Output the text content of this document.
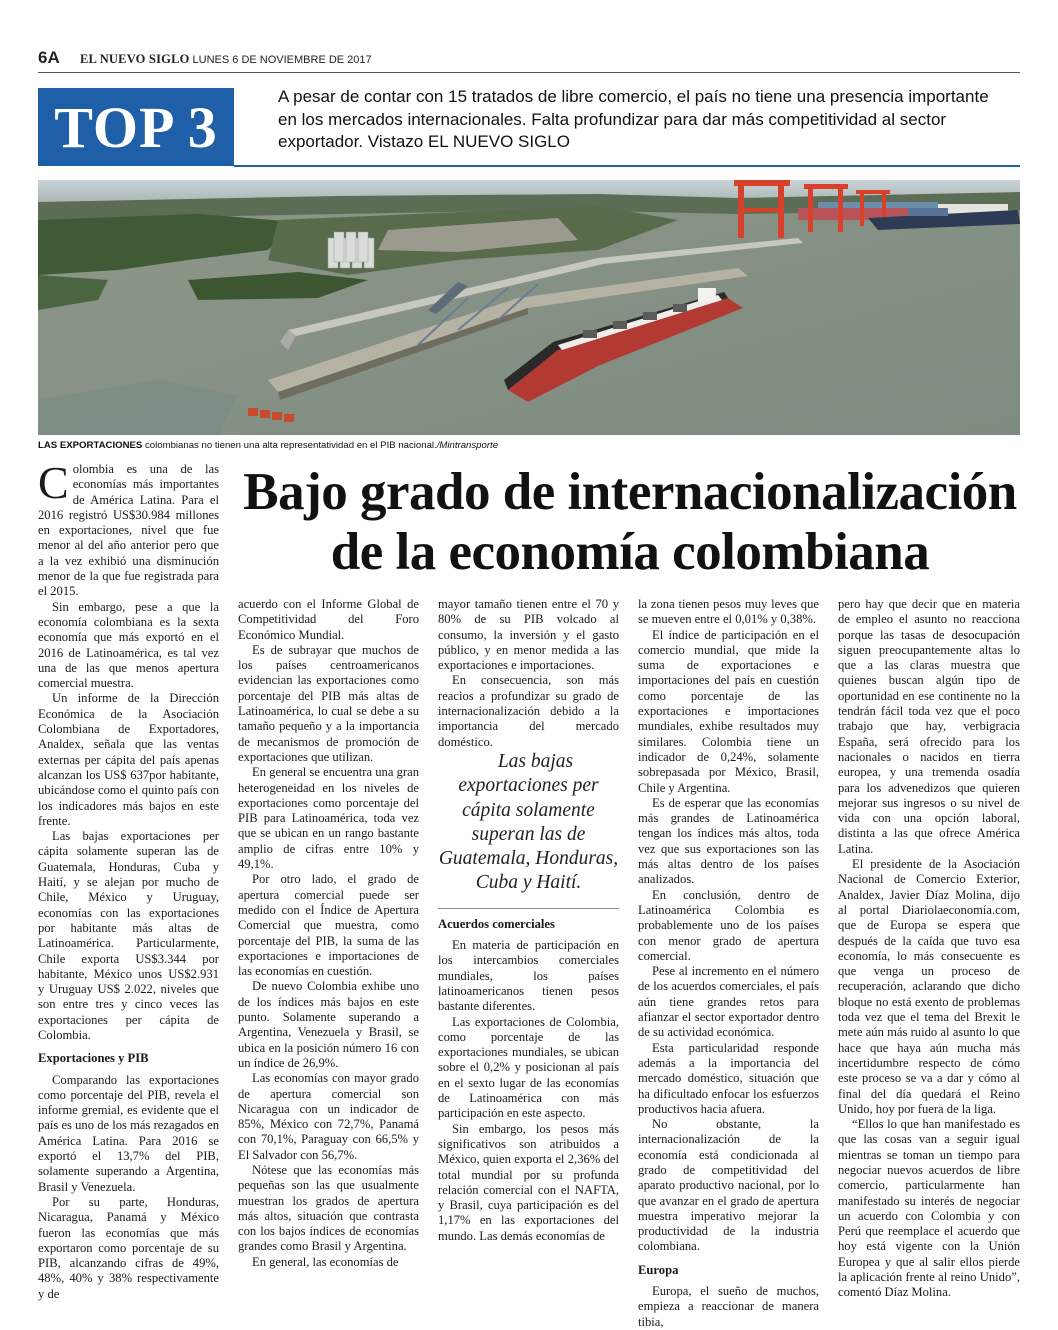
6A EL NUEVO SIGLO LUNES 6 DE NOVIEMBRE DE 2017
TOP 3	A pesar de contar con 15 tratados de libre comercio, el país no tiene una presencia importante en los mercados internacionales. Falta profundizar para dar más competitividad al sector exportador. Vistazo EL NUEVO SIGLO
LAS EXPORTACIONES colombianas no tienen una alta representatividad en el PIB nacional./Mintransporte
Bajo grado de internacionalización de la economía colombiana

Colombia es una de las economías más importantes de América Latina. Para el 2016 registró US$30.984 millones en exportaciones, nivel que fue menor al del año anterior pero que a la vez exhibió una disminución menor de la que fue registrada para el 2015.

Sin embargo, pese a que la economía colombiana es la sexta economía que más exportó en el 2016 de Latinoamérica, es tal vez una de las que menos apertura comercial muestra.

Un informe de la Dirección Económica de la Asociación Colombiana de Exportadores, Analdex, señala que las ventas externas per cápita del país apenas alcanzan los US$ 637por habitante, ubicándose como el quinto país con los indicadores más bajos en este frente.

Las bajas exportaciones per cápita solamente superan las de Guatemala, Honduras, Cuba y Haití, y se alejan por mucho de Chile, México y Uruguay, economías con las exportaciones por habitante más altas de Latinoamérica. Particularmente, Chile exporta US$3.344 por habitante, México unos US$2.931 y Uruguay US$ 2.022, niveles que son entre tres y cinco veces las exportaciones per cápita de Colombia.

Exportaciones y PIB

Comparando las exportaciones como porcentaje del PIB, revela el informe gremial, es evidente que el país es uno de los más rezagados en América Latina. Para 2016 se exportó el 13,7% del PIB, solamente superando a Argentina, Brasil y Venezuela.

Por su parte, Honduras, Nicaragua, Panamá y México fueron las economías que más exportaron como porcentaje de su PIB, alcanzando cifras de 49%, 48%, 40% y 38% respectivamente y de

acuerdo con el Informe Global de Competitividad del Foro Económico Mundial.

Es de subrayar que muchos de los países centroamericanos evidencian las exportaciones como porcentaje del PIB más altas de Latinoamérica, lo cual se debe a su tamaño pequeño y a la importancia de mecanismos de promoción de exportaciones que utilizan.

En general se encuentra una gran heterogeneidad en los niveles de exportaciones como porcentaje del PIB para Latinoamérica, toda vez que se ubican en un rango bastante amplio de cifras entre 10% y 49,1%.

Por otro lado, el grado de apertura comercial puede ser medido con el Índice de Apertura Comercial que muestra, como porcentaje del PIB, la suma de las exportaciones e importaciones de las economías en cuestión.

De nuevo Colombia exhibe uno de los índices más bajos en este punto. Solamente superando a Argentina, Venezuela y Brasil, se ubica en la posición número 16 con un índice de 26,9%.

Las economías con mayor grado de apertura comercial son Nicaragua con un indicador de 85%, México con 72,7%, Panamá con 70,1%, Paraguay con 66,5% y El Salvador con 56,7%.

Nótese que las economías más pequeñas son las que usualmente muestran los grados de apertura más altos, situación que contrasta con los bajos índices de economías grandes como Brasil y Argentina.

En general, las economías de

mayor tamaño tienen entre el 70 y 80% de su PIB volcado al consumo, la inversión y el gasto público, y en menor medida a las exportaciones e importaciones.

En consecuencia, son más reacios a profundizar su grado de internacionalización debido a la importancia del mercado doméstico.

Las bajas exportaciones per cápita solamente superan las de Guatemala, Honduras, Cuba y Haití.

Acuerdos comerciales

En materia de participación en los intercambios comerciales mundiales, los países latinoamericanos tienen pesos bastante diferentes.

Las exportaciones de Colombia, como porcentaje de las exportaciones mundiales, se ubican sobre el 0,2% y posicionan al país en el sexto lugar de las economías de Latinoamérica con más participación en este aspecto.

Sin embargo, los pesos más significativos son atribuidos a México, quien exporta el 2,36% del total mundial por su profunda relación comercial con el NAFTA, y Brasil, cuya participación es del 1,17% en las exportaciones del mundo. Las demás economías de

la zona tienen pesos muy leves que se mueven entre el 0,01% y 0,38%.

El índice de participación en el comercio mundial, que mide la suma de exportaciones e importaciones del país en cuestión como porcentaje de las exportaciones e importaciones mundiales, exhibe resultados muy similares. Colombia tiene un indicador de 0,24%, solamente sobrepasada por México, Brasil, Chile y Argentina.

Es de esperar que las economías más grandes de Latinoamérica tengan los índices más altos, toda vez que sus exportaciones son las más altas dentro de los países analizados.

En conclusión, dentro de Latinoamérica Colombia es probablemente uno de los países con menor grado de apertura comercial.

Pese al incremento en el número de los acuerdos comerciales, el país aún tiene grandes retos para afianzar el sector exportador dentro de su actividad económica.

Esta particularidad responde además a la importancia del mercado doméstico, situación que ha dificultado enfocar los esfuerzos productivos hacia afuera.

No obstante, la internacionalización de la economía está condicionada al grado de competitividad del aparato productivo nacional, por lo que avanzar en el grado de apertura muestra imperativo mejorar la productividad de la industria colombiana.

Europa

Europa, el sueño de muchos, empieza a reaccionar de manera tibia,

pero hay que decir que en materia de empleo el asunto no reacciona porque las tasas de desocupación siguen preocupantemente altas lo que a las claras muestra que quienes buscan algún tipo de oportunidad en ese continente no la tendrán fácil toda vez que el poco trabajo que hay, verbigracia España, será ofrecido para los nacionales o nacidos en tierra europea, y una tremenda osadía para los advenedizos que quieren mejorar sus ingresos o su nivel de vida con una opción laboral, distinta a las que ofrece América Latina.

El presidente de la Asociación Nacional de Comercio Exterior, Analdex, Javier Díaz Molina, dijo al portal Diariolaeconomía.com, que de Europa se espera que después de la caída que tuvo esa economía, lo más consecuente es que venga un proceso de recuperación, aclarando que dicho bloque no está exento de problemas toda vez que el tema del Brexit le mete aún más ruido al asunto lo que hace que haya aún mucha más incertidumbre respecto de cómo este proceso se va a dar y cómo al final del día quedará el Reino Unido, hoy por fuera de la liga.

“Ellos lo que han manifestado es que las cosas van a seguir igual mientras se toman un tiempo para negociar nuevos acuerdos de libre comercio, particularmente han manifestado su interés de negociar un acuerdo con Colombia y con Perú que reemplace el acuerdo que hoy está vigente con la Unión Europea y que al salir ellos pierde la aplicación frente al reino Unido”, comentó Díaz Molina.
